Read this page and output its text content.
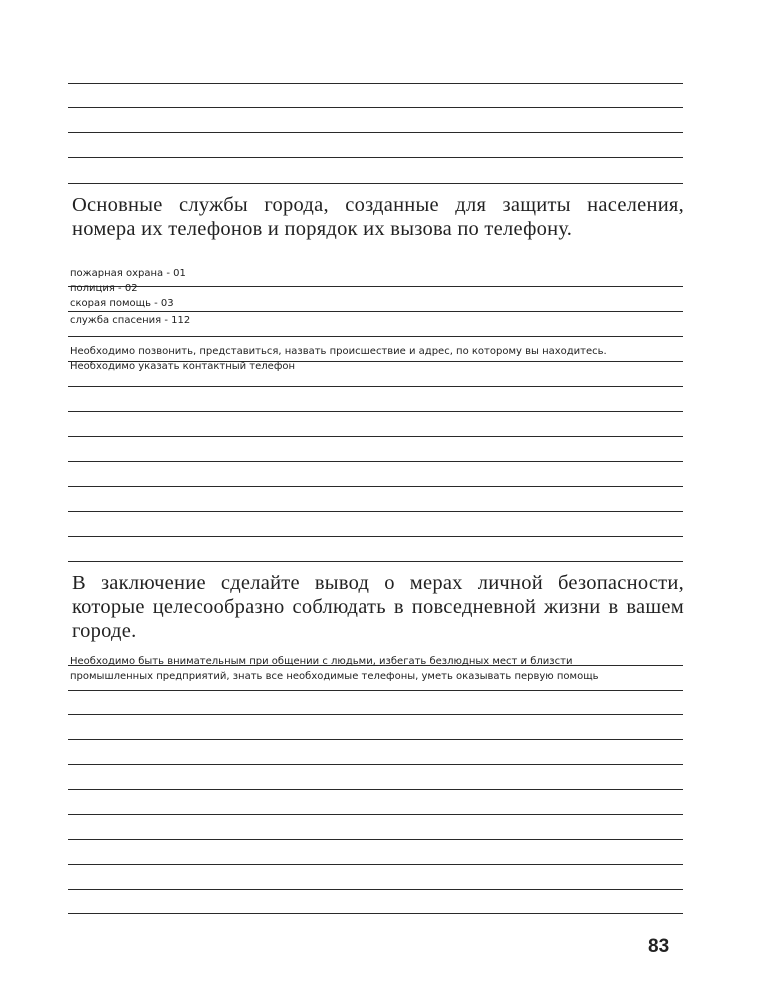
Основные службы города, созданные для защиты населения, номера их телефонов и порядок их вызова по телефону.

пожарная охрана - 01
полиция - 02
скорая помощь - 03
служба спасения - 112
Необходимо позвонить, представиться, назвать происшествие и адрес, по которому вы находитесь.
Необходимо указать контактный телефон

В заключение сделайте вывод о мерах личной безопасности, которые целесообразно соблюдать в повседневной жизни в вашем городе.

Необходимо быть внимательным при общении с людьми, избегать безлюдных мест и близсти
промышленных предприятий, знать все необходимые телефоны, уметь оказывать первую помощь
83
